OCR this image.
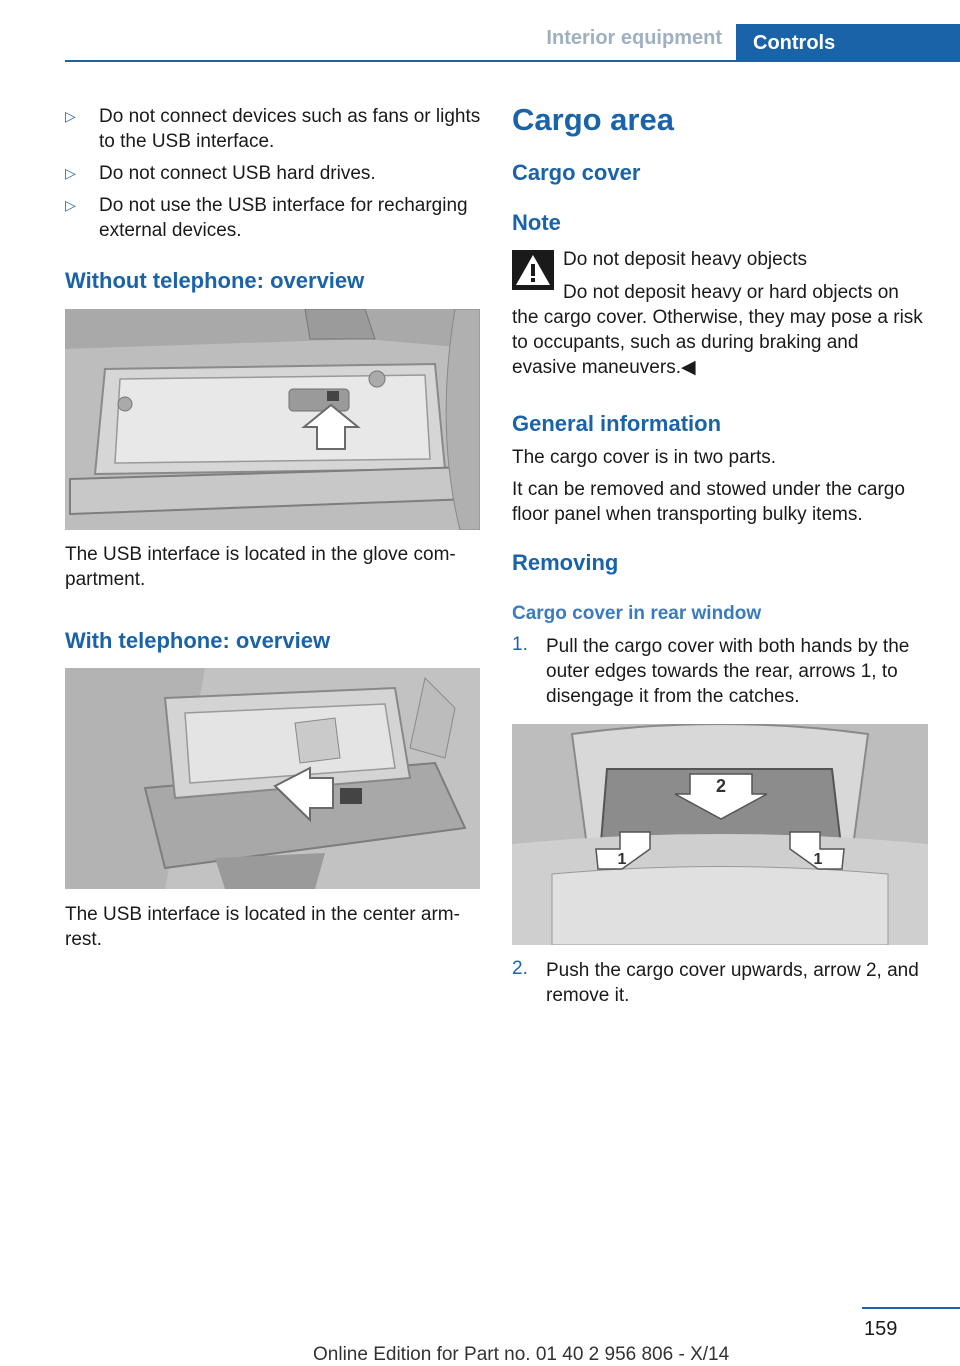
Interior equipment Controls
▷ Do not connect devices such as fans or lights to the USB interface.
▷ Do not connect USB hard drives.
▷ Do not use the USB interface for recharging external devices.
Without telephone: overview
The USB interface is located in the glove compartment.
With telephone: overview
The USB interface is located in the center armrest.
Cargo area
Cargo cover
Note
Do not deposit heavy objects
Do not deposit heavy or hard objects on
the cargo cover. Otherwise, they may pose a risk to occupants, such as during braking and evasive maneuvers.◀
General information
The cargo cover is in two parts.
It can be removed and stowed under the cargo floor panel when transporting bulky items.
Removing
Cargo cover in rear window
1. Pull the cargo cover with both hands by the outer edges towards the rear, arrows 1, to disengage it from the catches.
2
1	1
2. Push the cargo cover upwards, arrow 2, and remove it.
159
Online Edition for Part no. 01 40 2 956 806 - X/14
